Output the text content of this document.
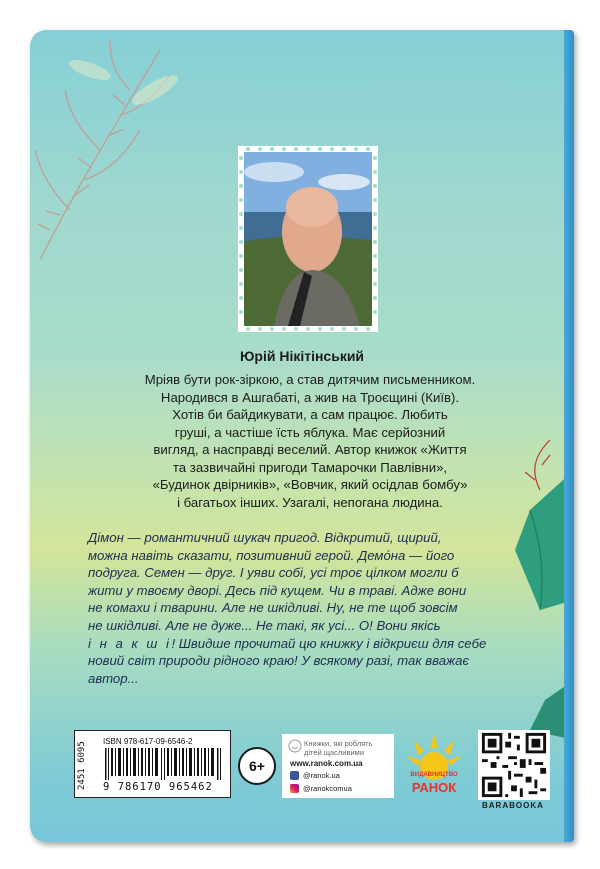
Юрій Нікітінський
Мріяв бути рок-зіркою, а став дитячим письменником.
Народився в Ашгабаті, а жив на Троєщині (Київ).
Хотів би байдикувати, а сам працює. Любить
груші, а частіше їсть яблука. Має серйозний
вигляд, а насправді веселий. Автор книжок «Життя
та зазвичайні пригоди Тамарочки Павлівни»,
«Будинок двірників», «Вовчик, який осідлав бомбу»
і багатьох інших. Узагалі, непогана людина.
Дімон — романтичний шукач пригод. Відкритий, щирий,
можна навіть сказати, позитивний герой. Демо́на — його
подруга. Семен — друг. І уяви собі, усі троє цілком могли б
жити у твоєму дворі. Десь під кущем. Чи в траві. Адже вони
не комахи і тварини. Але не шкідливі. Ну, не те щоб зовсім
не шкідливі. Але не дуже... Не такі, як усі... О! Вони якісь
і н а к ш і! Швидше прочитай цю книжку і відкриєш для себе
новий світ природи рідного краю! У всякому разі, так вважає
автор...
2451 6095
ISBN 978-617-09-6546-2
9 786170 965462
6+
Книжки, які роблять дітей щасливими
www.ranok.com.ua
@ranok.ua
@ranokcomua
ВИДАВНИЦТВО
РАНОК
BARABOOKA
